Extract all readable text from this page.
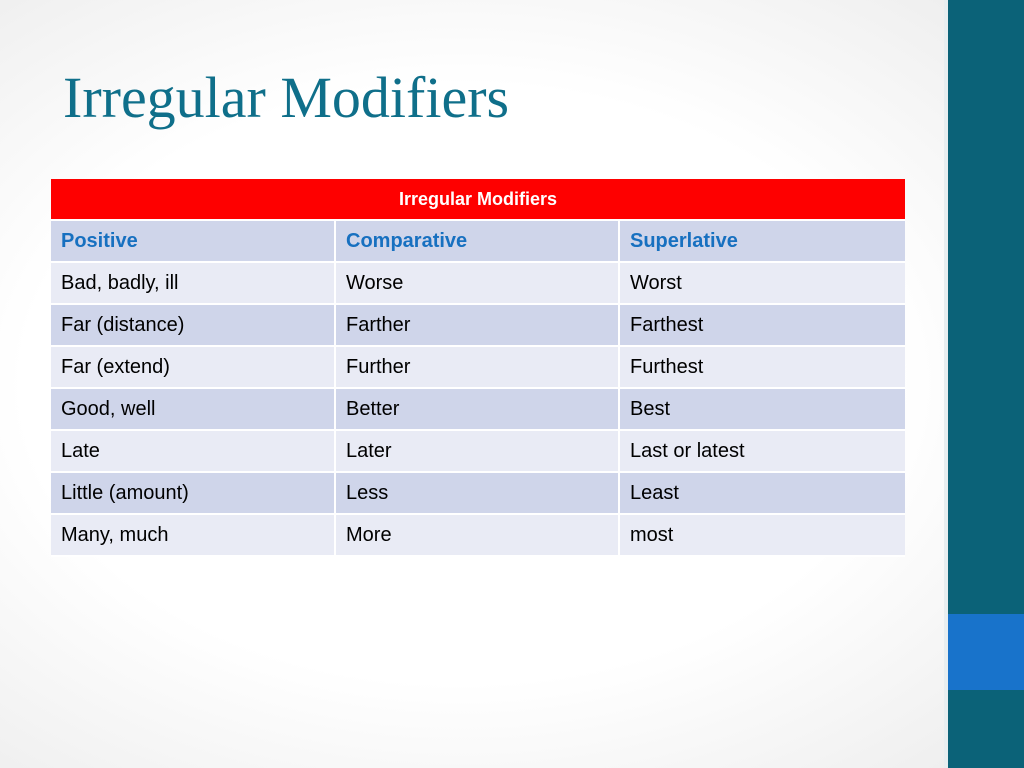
Irregular Modifiers
Irregular Modifiers		
Positive	Comparative	Superlative
Bad, badly, ill	Worse	Worst
Far (distance)	Farther	Farthest
Far (extend)	Further	Furthest
Good, well	Better	Best
Late	Later	Last or latest
Little (amount)	Less	Least
Many, much	More	most
